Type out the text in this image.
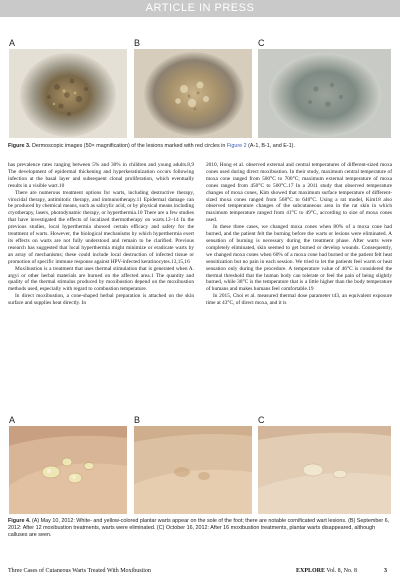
ARTICLE IN PRESS
A	B	C
Figure 3. Dermoscopic images (50× magnification) of the lesions marked with red circles in Figure 2 (A-1, B-1, and E-1).

has prevalence rates ranging between 5% and 30% in children and young adults.8,9 The development of epidermal thickening and hyperkeratinization occurs following infection at the basal layer and subsequent clonal proliferation, which eventually results in a visible wart.10

There are numerous treatment options for warts, including destructive therapy, virucidal therapy, antimitotic therapy, and immunotherapy.11 Epidermal damage can be produced by chemical means, such as salicylic acid, or by physical means including cryotherapy, lasers, photodynamic therapy, or hyperthermia.10 There are a few studies that have investigated the effects of localized thermotherapy on warts.12–14 In the previous studies, local hyperthermia showed certain efficacy and safety for the treatment of warts. However, the biological mechanisms by which hyperthermia exert its effects on warts are not fully understood and remain to be clarified. Previous research has suggested that local hyperthermia might minimize or eradicate warts by an array of mechanisms; these could include local destruction of infected tissue or promotion of specific immune response against HPV-infected keratinocytes.13,15,16

Moxibustion is a treatment that uses thermal stimulation that is generated when A. argyi or other herbal materials are burned on the affected area.1 The quantity and quality of the thermal stimulus produced by moxibustion depend on the moxibustion methods used, especially with regard to combustion temperature.

In direct moxibustion, a cone-shaped herbal preparation is attached on the skin surface and supplies heat directly. In

2010, Hong et al. observed external and central temperatures of different-sized moxa cones used during direct moxibustion. In their study, maximum central temperature of moxa cone ranged from 500°C to 700°C; maximum external temperature of moxa cones ranged from 450°C to 500°C.17 In a 2011 study that observed temperature changes of moxa cones, Kim showed that maximum surface temperature of different-sized moxa cones ranged from 568°C to 640°C. Using a rat model, Kim18 also observed temperature changes of the subcutaneous area in the rat skin in which maximum temperature ranged from 41°C to 49°C, according to size of moxa cones used.

In these three cases, we changed moxa cones when 80% of a moxa cone had burned, and the patient felt the burning before the warts or lesions were eliminated. A sensation of burning is necessary during the treatment phase. After warts were completely eliminated, skin seemed to get burned or develop wounds. Consequently, we changed moxa cones when 60% of a moxa cone had burned or the patient felt heat sensitization but no pain in each session. We tried to let the patients feel warm or heat sensation only during the procedure. A temperature value of 46°C is considered the thermal threshold that the human body can tolerate or feel the pain of being slightly burned, while 38°C is the temperature that is a little higher than the body temperature of humans and makes humans feel comfortable.19

In 2015, Choi et al. measured thermal dose parameter t43, an equivalent exposure time at 43°C, of direct moxa, and it is

A	B	C
Figure 4. (A) May 10, 2012: White- and yellow-colored plantar warts appear on the sole of the foot; there are notable cornificated wart lesions. (B) September 6, 2012: After 12 moxibustion treatments, warts were eliminated. (C) October 16, 2012: After 16 moxibustion treatments, plantar warts disappeared, although calluses are seen.
Three Cases of Cutaneous Warts Treated With Moxibustion	EXPLORE Vol. 8, No. 8	3
